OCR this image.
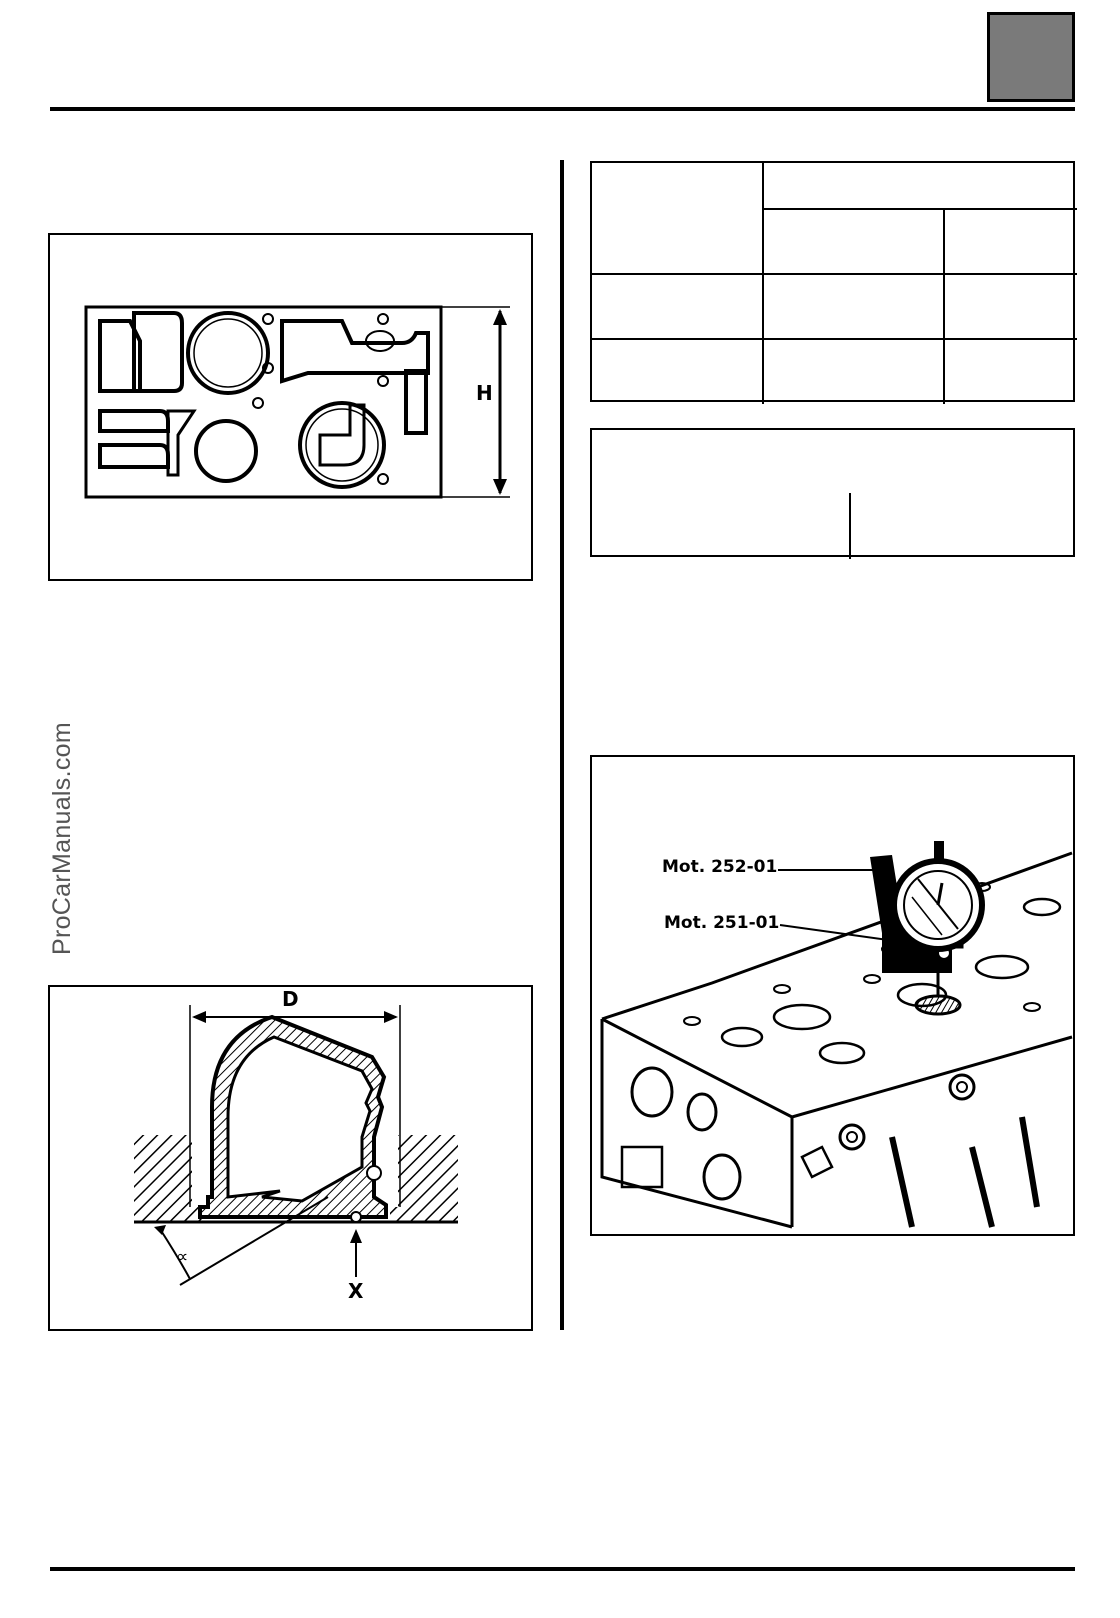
ProCarManuals.com
H
D
∝
X
Mot. 252-01
Mot. 251-01
